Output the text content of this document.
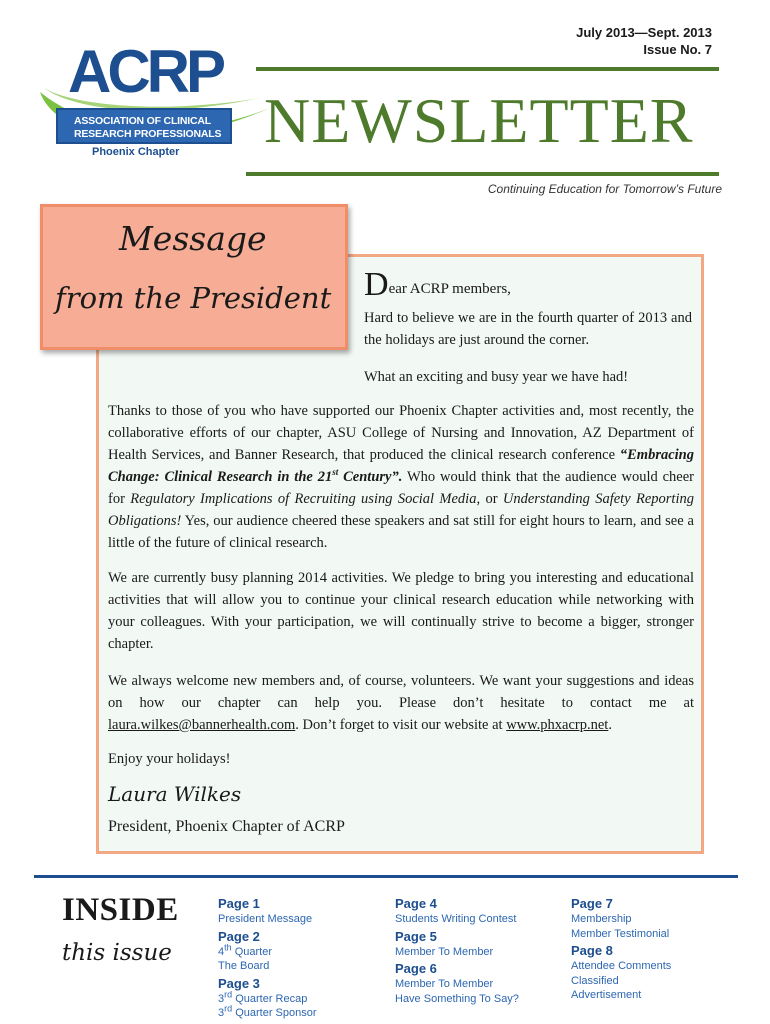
July 2013—Sept. 2013
Issue No. 7
ACRP
ASSOCIATION OF CLINICAL
RESEARCH PROFESSIONALS
Phoenix Chapter NEWSLETTER
Continuing Education for Tomorrow’s Future
Message
from the President Dear ACRP members,
Hard to believe we are in the fourth quarter of 2013 and the holidays are just around the corner.
What an exciting and busy year we have had!
Thanks to those of you who have supported our Phoenix Chapter activities and, most recently, the collaborative efforts of our chapter, ASU College of Nursing and Innovation, AZ Department of Health Services, and Banner Research, that produced the clinical research conference “Embracing Change: Clinical Research in the 21st Century”. Who would think that the audience would cheer for Regulatory Implications of Recruiting using Social Media, or Understanding Safety Reporting Obligations! Yes, our audience cheered these speakers and sat still for eight hours to learn, and see a little of the future of clinical research.
We are currently busy planning 2014 activities. We pledge to bring you interesting and educational activities that will allow you to continue your clinical research education while networking with your colleagues. With your participation, we will continually strive to become a bigger, stronger chapter.
We always welcome new members and, of course, volunteers. We want your suggestions and ideas on how our chapter can help you. Please don’t hesitate to contact me at laura.wilkes@bannerhealth.com. Don’t forget to visit our website at www.phxacrp.net.
Enjoy your holidays!
Laura Wilkes
President, Phoenix Chapter of ACRP
INSIDE
this issue
Page 1
President Message
Page 2
4th Quarter
The Board
Page 3
3rd Quarter Recap
3rd Quarter Sponsor
Page 4
Students Writing Contest
Page 5
Member To Member
Page 6
Member To Member
Have Something To Say?
Page 7
Membership
Member Testimonial
Page 8
Attendee Comments
Classified
Advertisement
